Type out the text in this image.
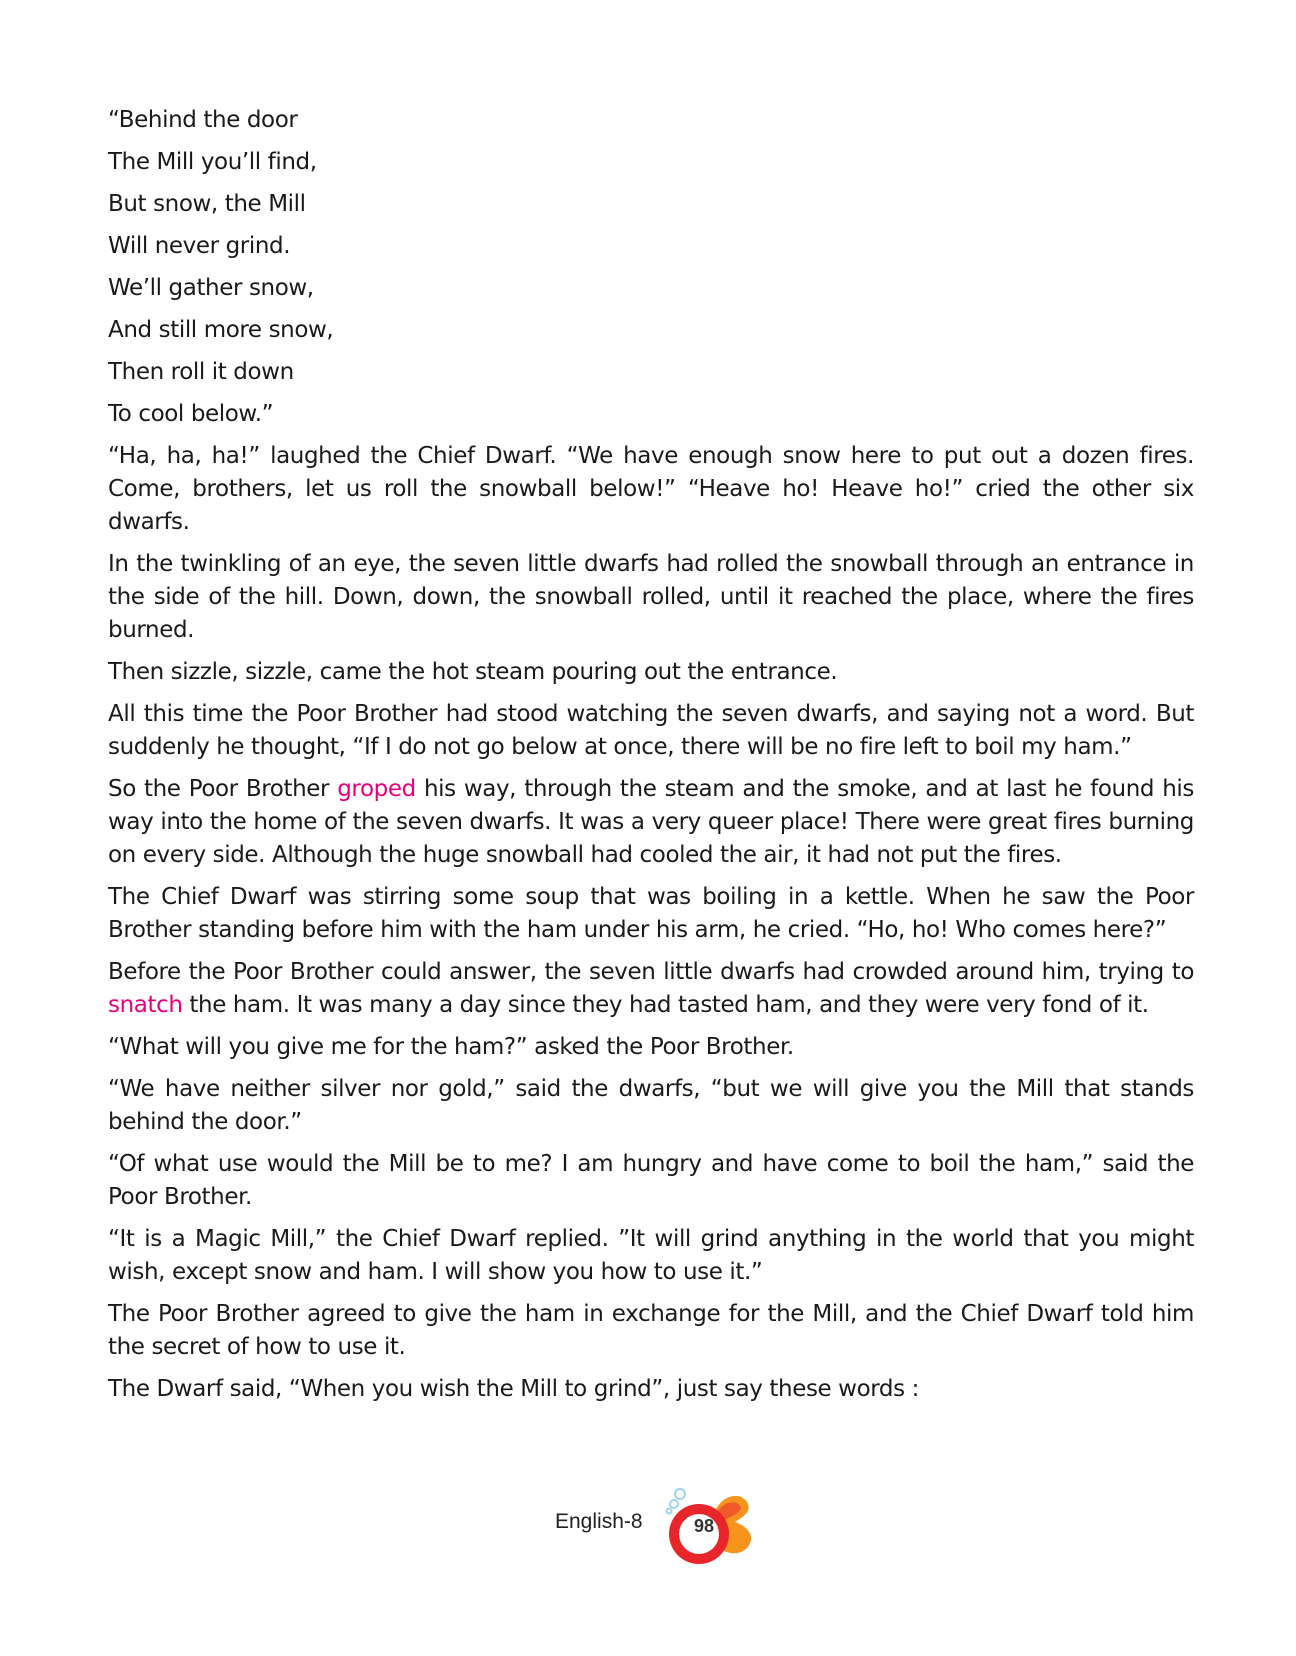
“Behind the door

The Mill you’ll find,

But snow, the Mill

Will never grind.

We’ll gather snow,

And still more snow,

Then roll it down

To cool below.”

“Ha, ha, ha!” laughed the Chief Dwarf. “We have enough snow here to put out a dozen fires. Come, brothers, let us roll the snowball below!” “Heave ho! Heave ho!” cried the other six dwarfs.

In the twinkling of an eye, the seven little dwarfs had rolled the snowball through an entrance in the side of the hill. Down, down, the snowball rolled, until it reached the place, where the fires burned.

Then sizzle, sizzle, came the hot steam pouring out the entrance.

All this time the Poor Brother had stood watching the seven dwarfs, and saying not a word. But suddenly he thought, “If I do not go below at once, there will be no fire left to boil my ham.”

So the Poor Brother groped his way, through the steam and the smoke, and at last he found his way into the home of the seven dwarfs. It was a very queer place! There were great fires burning on every side. Although the huge snowball had cooled the air, it had not put the fires.

The Chief Dwarf was stirring some soup that was boiling in a kettle. When he saw the Poor Brother standing before him with the ham under his arm, he cried. “Ho, ho! Who comes here?”

Before the Poor Brother could answer, the seven little dwarfs had crowded around him, trying to snatch the ham. It was many a day since they had tasted ham, and they were very fond of it.

“What will you give me for the ham?” asked the Poor Brother.

“We have neither silver nor gold,” said the dwarfs, “but we will give you the Mill that stands behind the door.”

“Of what use would the Mill be to me? I am hungry and have come to boil the ham,” said the Poor Brother.

“It is a Magic Mill,” the Chief Dwarf replied. ”It will grind anything in the world that you might wish, except snow and ham. I will show you how to use it.”

The Poor Brother agreed to give the ham in exchange for the Mill, and the Chief Dwarf told him the secret of how to use it.

The Dwarf said, “When you wish the Mill to grind”, just say these words :

English-8	98
